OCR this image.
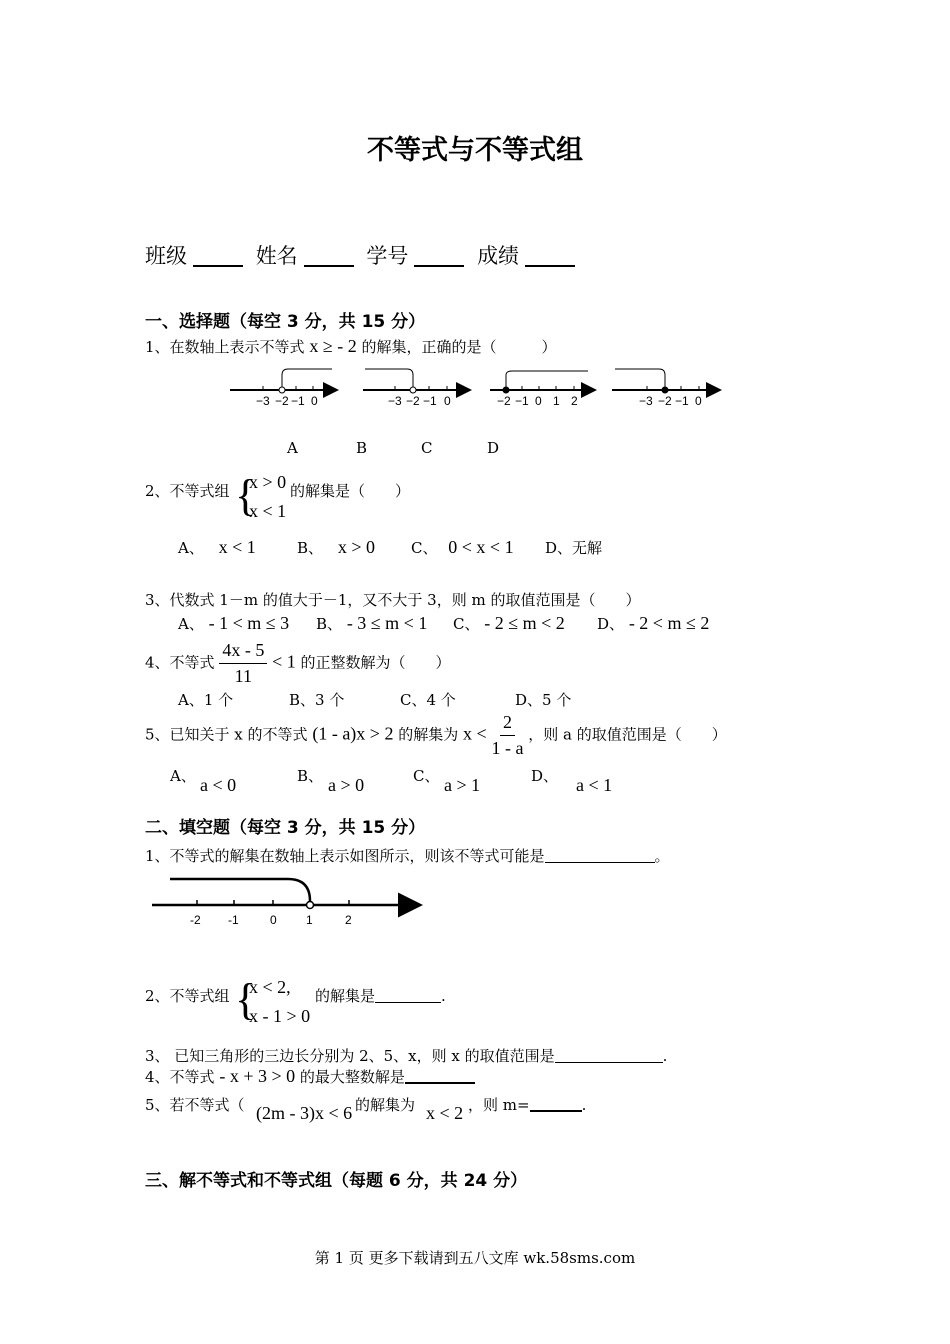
不等式与不等式组
班级	姓名	学号	成绩
一、选择题（每空 3 分，共 15 分）
1、在数轴上表示不等式 x ≥ - 2 的解集，正确的是（　　　）
−3 −2 −1 0	−3 −2 −1 0	−2 −1 0 1 2	−3 −2 −1 0
A	B	C	D
2、不等式组 {
x > 0
x < 1
的解集是（　　）
A、 x < 1	B、 x > 0 C、 0 < x < 1 D、无解
3、代数式 1－m 的值大于－1，又不大于 3，则 m 的取值范围是（　　）
A、 - 1 < m ≤ 3 B、 - 3 ≤ m < 1 C、 - 2 ≤ m < 2 D、 - 2 < m ≤ 2
4、不等式 $\frac{4x - 5}{11} < 1$ 的正整数解为（　　）
A、1 个	B、3 个	C、4 个	D、5 个
5、已知关于 x 的不等式 (1 - a)x > 2 的解集为 $x < \frac{2}{1 - a}$ ，则 a 的取值范围是（　　）
A、 a < 0	B、 a > 0	C、 a > 1	D、 a < 1
二、填空题（每空 3 分，共 15 分）
1、不等式的解集在数轴上表示如图所示，则该不等式可能是	。
-2 -1	0 1	2
2、不等式组 {
x < 2,
x - 1 > 0
的解集是	.
3、 已知三角形的三边长分别为 2、5、x，则 x 的取值范围是	.
4、不等式 - x + 3 > 0 的最大整数解是
5、若不等式（ (2m - 3)x < 6 的解集为 x < 2 ，则 m=	.
三、解不等式和不等式组（每题 6 分，共 24 分）
第 1 页 更多下载请到五八文库 wk.58sms.com
